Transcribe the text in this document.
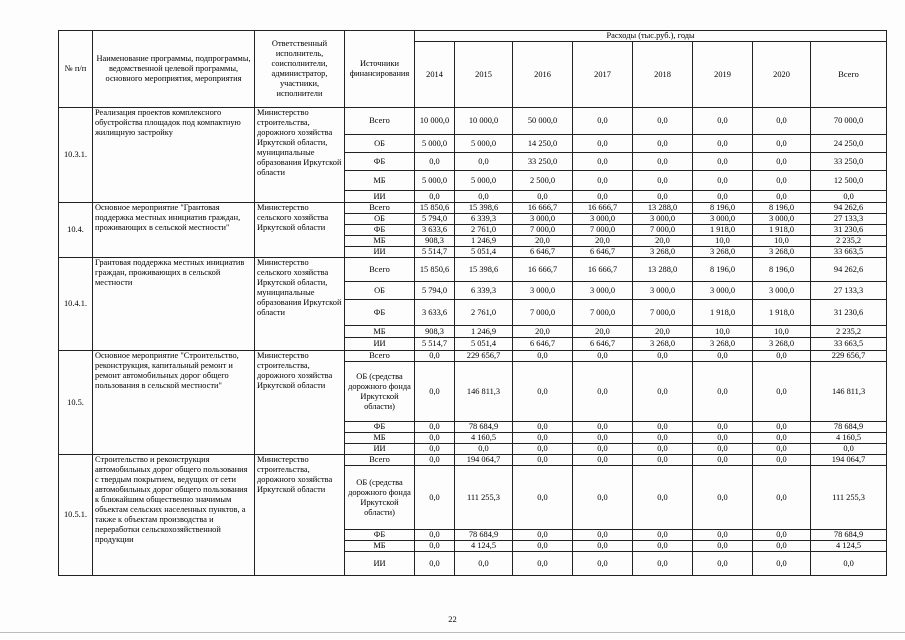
№ п/п	Наименование программы, подпрограммы, ведомственной целевой программы, основного мероприятия, мероприятия	Ответственный исполнитель, соисполнители, администратор, участники, исполнители	Источники финансирования	Расходы (тыс.руб.), годы							
				2014	2015	2016	2017	2018	2019	2020	Всего
10.3.1.	Реализация проектов комплексного обустройства площадок под компактную жилищную застройку	Министерство строительства, дорожного хозяйства Иркутской области, муниципальные образования Иркутской области	Всего	10 000,0	10 000,0	50 000,0	0,0	0,0	0,0	0,0	70 000,0
			ОБ	5 000,0	5 000,0	14 250,0	0,0	0,0	0,0	0,0	24 250,0
			ФБ	0,0	0,0	33 250,0	0,0	0,0	0,0	0,0	33 250,0
			МБ	5 000,0	5 000,0	2 500,0	0,0	0,0	0,0	0,0	12 500,0
			ИИ	0,0	0,0	0,0	0,0	0,0	0,0	0,0	0,0
10.4.	Основное мероприятие "Грантовая поддержка местных инициатив граждан, проживающих в сельской местности"	Министерство сельского хозяйства Иркутской области	Всего	15 850,6	15 398,6	16 666,7	16 666,7	13 288,0	8 196,0	8 196,0	94 262,6
			ОБ	5 794,0	6 339,3	3 000,0	3 000,0	3 000,0	3 000,0	3 000,0	27 133,3
			ФБ	3 633,6	2 761,0	7 000,0	7 000,0	7 000,0	1 918,0	1 918,0	31 230,6
			МБ	908,3	1 246,9	20,0	20,0	20,0	10,0	10,0	2 235,2
			ИИ	5 514,7	5 051,4	6 646,7	6 646,7	3 268,0	3 268,0	3 268,0	33 663,5
10.4.1.	Грантовая поддержка местных инициатив граждан, проживающих в сельской местности	Министерство сельского хозяйства Иркутской области, муниципальные образования Иркутской области	Всего	15 850,6	15 398,6	16 666,7	16 666,7	13 288,0	8 196,0	8 196,0	94 262,6
			ОБ	5 794,0	6 339,3	3 000,0	3 000,0	3 000,0	3 000,0	3 000,0	27 133,3
			ФБ	3 633,6	2 761,0	7 000,0	7 000,0	7 000,0	1 918,0	1 918,0	31 230,6
			МБ	908,3	1 246,9	20,0	20,0	20,0	10,0	10,0	2 235,2
			ИИ	5 514,7	5 051,4	6 646,7	6 646,7	3 268,0	3 268,0	3 268,0	33 663,5
10.5.	Основное мероприятие "Строительство, реконструкция, капитальный ремонт и ремонт автомобильных дорог общего пользования в сельской местности"	Министерство строительства, дорожного хозяйства Иркутской области	Всего	0,0	229 656,7	0,0	0,0	0,0	0,0	0,0	229 656,7
			ОБ (средства дорожного фонда Иркутской области)	0,0	146 811,3	0,0	0,0	0,0	0,0	0,0	146 811,3
			ФБ	0,0	78 684,9	0,0	0,0	0,0	0,0	0,0	78 684,9
			МБ	0,0	4 160,5	0,0	0,0	0,0	0,0	0,0	4 160,5
			ИИ	0,0	0,0	0,0	0,0	0,0	0,0	0,0	0,0
10.5.1.	Строительство и реконструкция автомобильных дорог общего пользования с твердым покрытием, ведущих от сети автомобильных дорог общего пользования к ближайшим общественно значимым объектам сельских населенных пунктов, а также к объектам производства и переработки сельскохозяйственной продукции	Министерство строительства, дорожного хозяйства Иркутской области	Всего	0,0	194 064,7	0,0	0,0	0,0	0,0	0,0	194 064,7
			ОБ (средства дорожного фонда Иркутской области)	0,0	111 255,3	0,0	0,0	0,0	0,0	0,0	111 255,3
			ФБ	0,0	78 684,9	0,0	0,0	0,0	0,0	0,0	78 684,9
			МБ	0,0	4 124,5	0,0	0,0	0,0	0,0	0,0	4 124,5
			ИИ	0,0	0,0	0,0	0,0	0,0	0,0	0,0	0,0
22
